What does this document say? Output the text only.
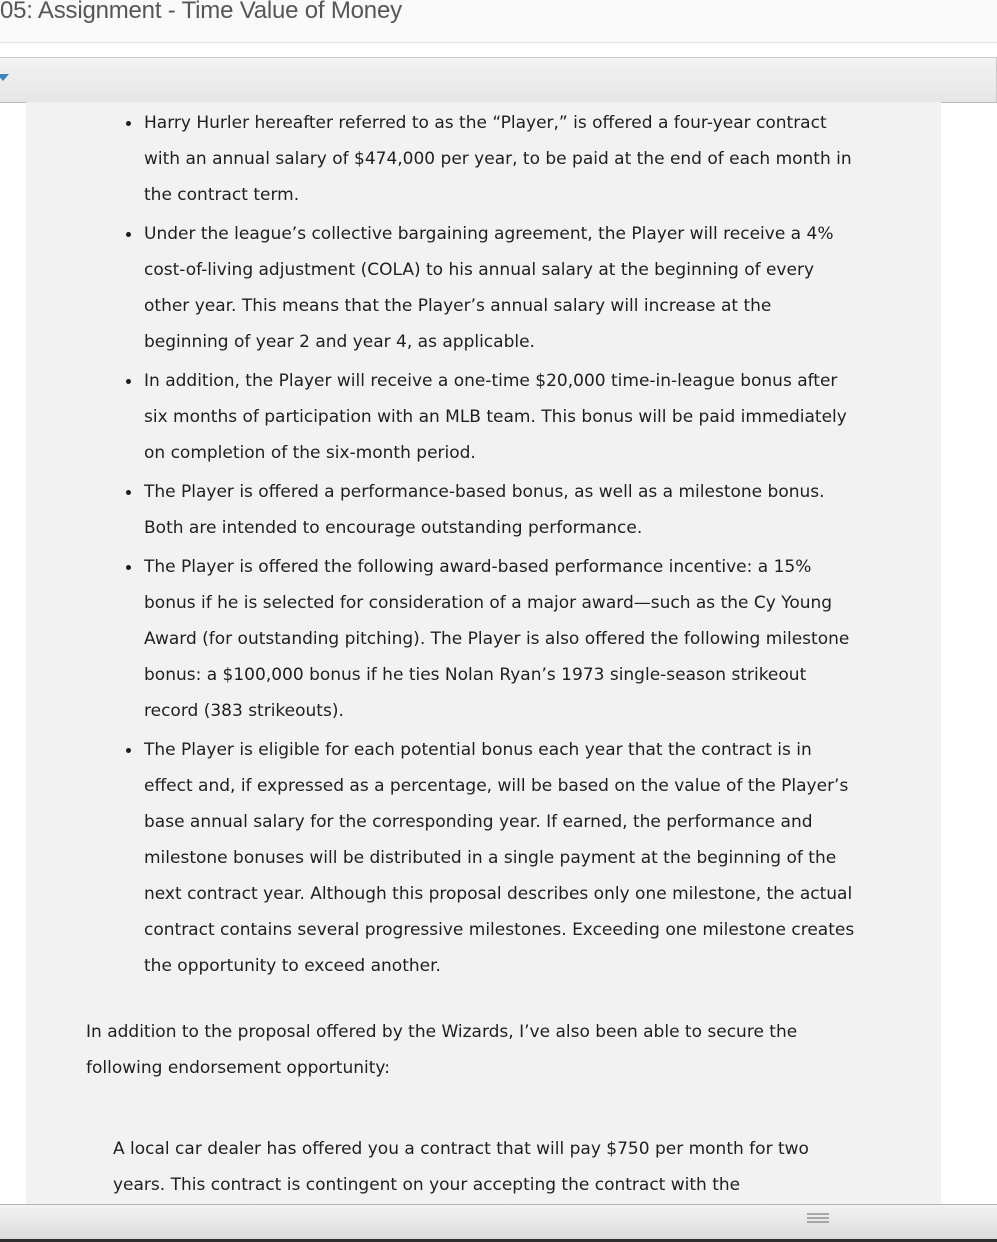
05: Assignment - Time Value of Money
Harry Hurler hereafter referred to as the “Player,” is offered a four-year contract with an annual salary of $474,000 per year, to be paid at the end of each month in the contract term.
Under the league’s collective bargaining agreement, the Player will receive a 4% cost-of-living adjustment (COLA) to his annual salary at the beginning of every other year. This means that the Player’s annual salary will increase at the beginning of year 2 and year 4, as applicable.
In addition, the Player will receive a one-time $20,000 time-in-league bonus after six months of participation with an MLB team. This bonus will be paid immediately on completion of the six-month period.
The Player is offered a performance-based bonus, as well as a milestone bonus. Both are intended to encourage outstanding performance.
The Player is offered the following award-based performance incentive: a 15% bonus if he is selected for consideration of a major award—such as the Cy Young Award (for outstanding pitching). The Player is also offered the following milestone bonus: a $100,000 bonus if he ties Nolan Ryan’s 1973 single-season strikeout record (383 strikeouts).
The Player is eligible for each potential bonus each year that the contract is in effect and, if expressed as a percentage, will be based on the value of the Player’s base annual salary for the corresponding year. If earned, the performance and milestone bonuses will be distributed in a single payment at the beginning of the next contract year. Although this proposal describes only one milestone, the actual contract contains several progressive milestones. Exceeding one milestone creates the opportunity to exceed another.

In addition to the proposal offered by the Wizards, I’ve also been able to secure the following endorsement opportunity:

A local car dealer has offered you a contract that will pay $750 per month for two years. This contract is contingent on your accepting the contract with the
